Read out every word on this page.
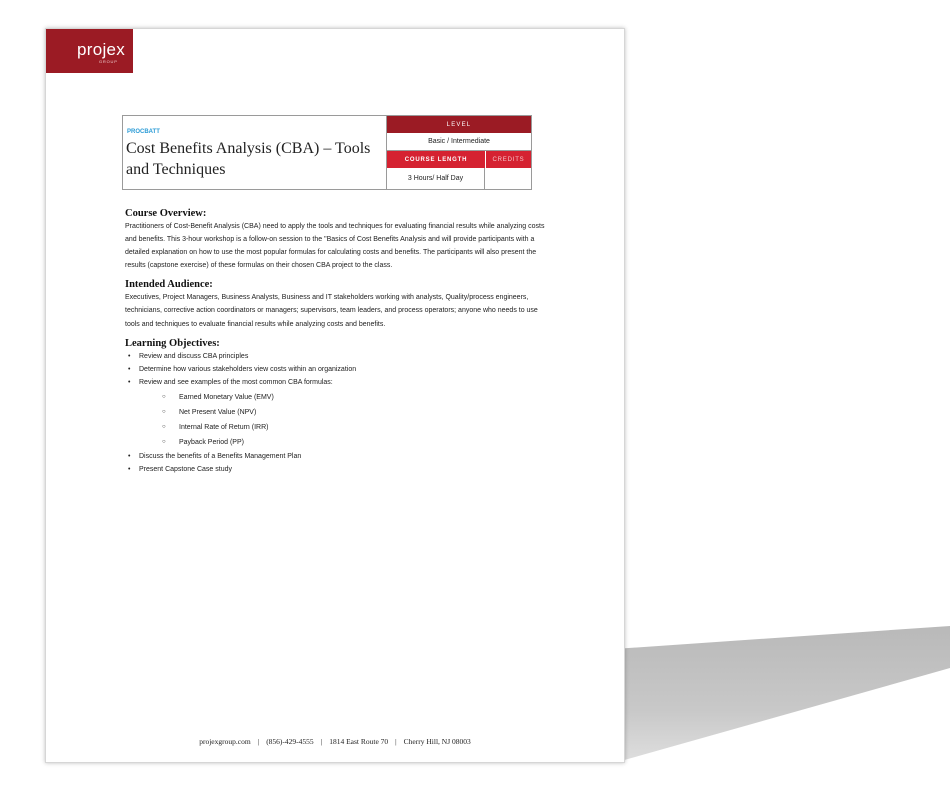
projex
GROUP
PROCBATT
Cost Benefits Analysis (CBA) – Tools and Techniques
LEVEL
Basic / Intermediate
COURSE LENGTH	CREDITS
3 Hours/ Half Day
Course Overview:

Practitioners of Cost-Benefit Analysis (CBA) need to apply the tools and techniques for evaluating financial results while analyzing costs and benefits. This 3-hour workshop is a follow-on session to the "Basics of Cost Benefits Analysis and will provide participants with a detailed explanation on how to use the most popular formulas for calculating costs and benefits. The participants will also present the results (capstone exercise) of these formulas on their chosen CBA project to the class.

Intended Audience:

Executives, Project Managers, Business Analysts, Business and IT stakeholders working with analysts, Quality/process engineers, technicians, corrective action coordinators or managers; supervisors, team leaders, and process operators; anyone who needs to use tools and techniques to evaluate financial results while analyzing costs and benefits.

Learning Objectives:
• Review and discuss CBA principles
• Determine how various stakeholders view costs within an organization
• Review and see examples of the most common CBA formulas:
○ Earned Monetary Value (EMV)
○ Net Present Value (NPV)
○ Internal Rate of Return (IRR)
○ Payback Period (PP)
• Discuss the benefits of a Benefits Management Plan
• Present Capstone Case study
projexgroup.com | (856)-429-4555 | 1814 East Route 70 | Cherry Hill, NJ 08003
